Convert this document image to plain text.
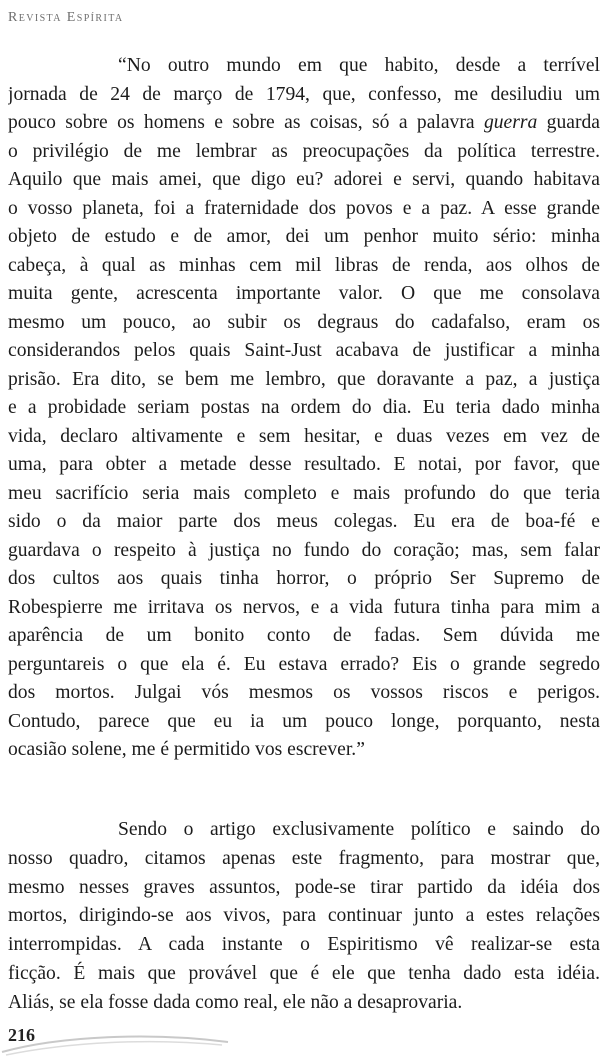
Revista Espírita
“No outro mundo em que habito, desde a terrível
jornada de 24 de março de 1794, que, confesso, me desiludiu um
pouco sobre os homens e sobre as coisas, só a palavra guerra guarda
o privilégio de me lembrar as preocupações da política terrestre.
Aquilo que mais amei, que digo eu? adorei e servi, quando habitava
o vosso planeta, foi a fraternidade dos povos e a paz. A esse grande
objeto de estudo e de amor, dei um penhor muito sério: minha
cabeça, à qual as minhas cem mil libras de renda, aos olhos de
muita gente, acrescenta importante valor. O que me consolava
mesmo um pouco, ao subir os degraus do cadafalso, eram os
considerandos pelos quais Saint-Just acabava de justificar a minha
prisão. Era dito, se bem me lembro, que doravante a paz, a justiça
e a probidade seriam postas na ordem do dia. Eu teria dado minha
vida, declaro altivamente e sem hesitar, e duas vezes em vez de
uma, para obter a metade desse resultado. E notai, por favor, que
meu sacrifício seria mais completo e mais profundo do que teria
sido o da maior parte dos meus colegas. Eu era de boa-fé e
guardava o respeito à justiça no fundo do coração; mas, sem falar
dos cultos aos quais tinha horror, o próprio Ser Supremo de
Robespierre me irritava os nervos, e a vida futura tinha para mim a
aparência de um bonito conto de fadas. Sem dúvida me
perguntareis o que ela é. Eu estava errado? Eis o grande segredo
dos mortos. Julgai vós mesmos os vossos riscos e perigos.
Contudo, parece que eu ia um pouco longe, porquanto, nesta
ocasião solene, me é permitido vos escrever.”
Sendo o artigo exclusivamente político e saindo do
nosso quadro, citamos apenas este fragmento, para mostrar que,
mesmo nesses graves assuntos, pode-se tirar partido da idéia dos
mortos, dirigindo-se aos vivos, para continuar junto a estes relações
interrompidas. A cada instante o Espiritismo vê realizar-se esta
ficção. É mais que provável que é ele que tenha dado esta idéia.
Aliás, se ela fosse dada como real, ele não a desaprovaria.
216
